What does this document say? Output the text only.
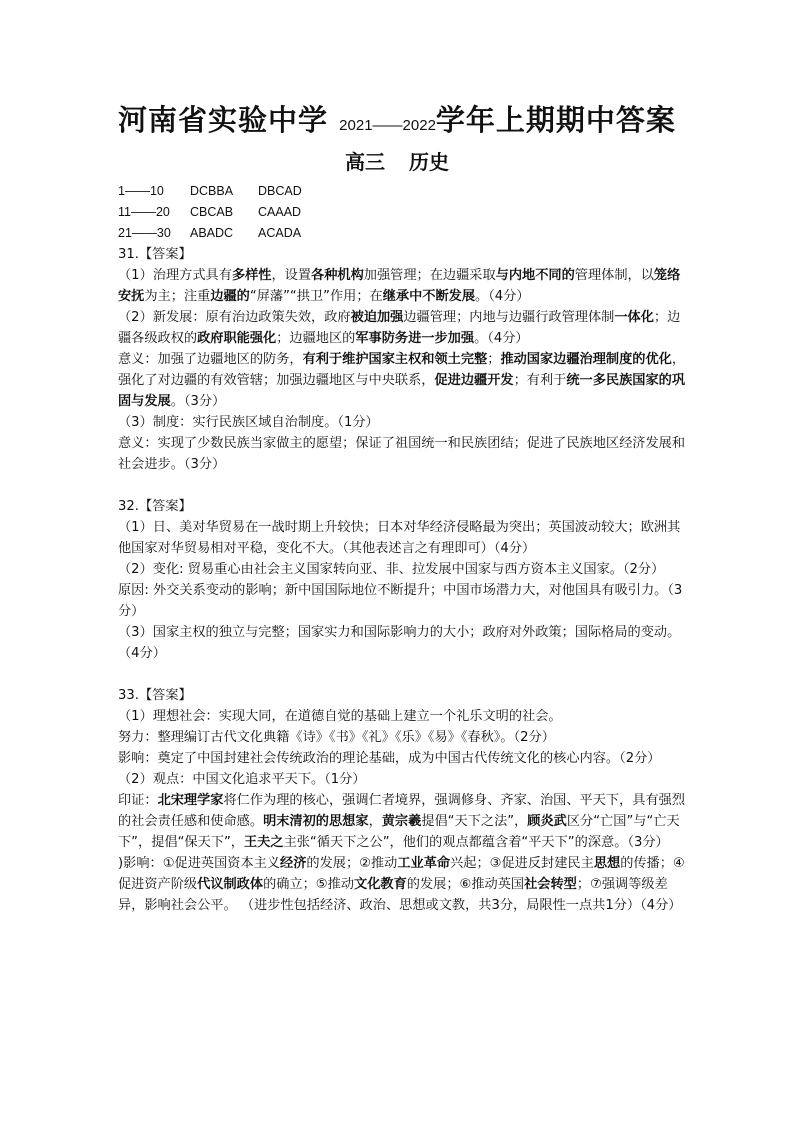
河南省实验中学 2021——2022学年上期期中答案
高三 历史
1——10 DCBBA DBCAD
11——20 CBCAB CAAAD
21——30 ABADC ACADA

31.【答案】

（1）治理方式具有多样性，设置各种机构加强管理；在边疆采取与内地不同的管理体制，以笼络安抚为主；注重边疆的“屏藩”“拱卫”作用；在继承中不断发展。（4分）

（2）新发展：原有治边政策失效，政府被迫加强边疆管理；内地与边疆行政管理体制一体化；边疆各级政权的政府职能强化；边疆地区的军事防务进一步加强。（4分）

意义：加强了边疆地区的防务，有利于维护国家主权和领土完整；推动国家边疆治理制度的优化，强化了对边疆的有效管辖；加强边疆地区与中央联系，促进边疆开发；有利于统一多民族国家的巩固与发展。（3分）

（3）制度：实行民族区域自治制度。（1分）

意义：实现了少数民族当家做主的愿望；保证了祖国统一和民族团结；促进了民族地区经济发展和社会进步。（3分）

32.【答案】

（1）日、美对华贸易在一战时期上升较快；日本对华经济侵略最为突出；英国波动较大；欧洲其他国家对华贸易相对平稳，变化不大。（其他表述言之有理即可）（4分）

（2）变化: 贸易重心由社会主义国家转向亚、非、拉发展中国家与西方资本主义国家。（2分）

原因: 外交关系变动的影响；新中国国际地位不断提升；中国市场潜力大，对他国具有吸引力。（3分）

（3）国家主权的独立与完整；国家实力和国际影响力的大小；政府对外政策；国际格局的变动。（4分）

33.【答案】

（1）理想社会：实现大同，在道德自觉的基础上建立一个礼乐文明的社会。

努力：整理编订古代文化典籍《诗》《书》《礼》《乐》《易》《春秋》。（2分）

影响：奠定了中国封建社会传统政治的理论基础，成为中国古代传统文化的核心内容。（2分）

（2）观点：中国文化追求平天下。（1分）

印证：北宋理学家将仁作为理的核心，强调仁者境界，强调修身、齐家、治国、平天下，具有强烈的社会责任感和使命感。明末清初的思想家，黄宗羲提倡“天下之法”，顾炎武区分“亡国”与“亡天下”，提倡“保天下”，王夫之主张“循天下之公”，他们的观点都蕴含着“平天下”的深意。（3分）

)影响：①促进英国资本主义经济的发展；②推动工业革命兴起；③促进反封建民主思想的传播；④促进资产阶级代议制政体的确立；⑤推动文化教育的发展；⑥推动英国社会转型；⑦强调等级差异，影响社会公平。 （进步性包括经济、政治、思想或文教，共3分，局限性一点共1分）（4分）
